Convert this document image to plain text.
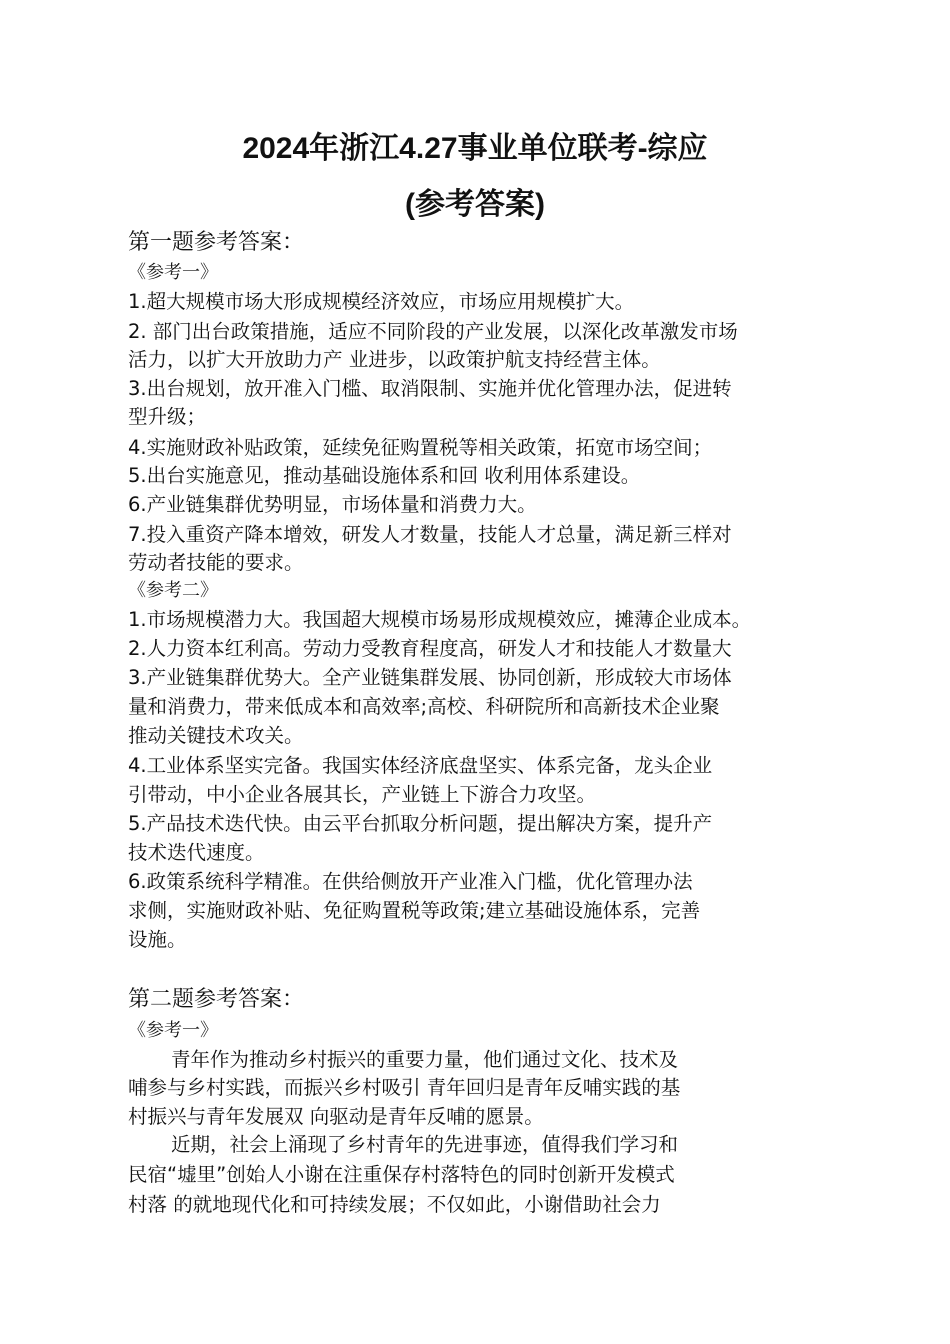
2024年浙江4.27事业单位联考-综应
(参考答案)

第一题参考答案：

《参考一》

1.超大规模市场大形成规模经济效应，市场应用规模扩大。

2. 部门出台政策措施，适应不同阶段的产业发展，以深化改革激发市场

活力，以扩大开放助力产 业进步，以政策护航支持经营主体。

3.出台规划，放开准入门槛、取消限制、实施并优化管理办法，促进转

型升级；

4.实施财政补贴政策，延续免征购置税等相关政策，拓宽市场空间；

5.出台实施意见，推动基础设施体系和回 收利用体系建设。

6.产业链集群优势明显，市场体量和消费力大。

7.投入重资产降本增效，研发人才数量，技能人才总量，满足新三样对

劳动者技能的要求。

《参考二》

1.市场规模潜力大。我国超大规模市场易形成规模效应，摊薄企业成本。

2.人力资本红利高。劳动力受教育程度高，研发人才和技能人才数量大

3.产业链集群优势大。全产业链集群发展、协同创新，形成较大市场体

量和消费力，带来低成本和高效率;高校、科研院所和高新技术企业聚

推动关键技术攻关。

4.工业体系坚实完备。我国实体经济底盘坚实、体系完备，龙头企业

引带动，中小企业各展其长，产业链上下游合力攻坚。

5.产品技术迭代快。由云平台抓取分析问题，提出解决方案，提升产

技术迭代速度。

6.政策系统科学精准。在供给侧放开产业准入门槛，优化管理办法

求侧，实施财政补贴、免征购置税等政策;建立基础设施体系，完善

设施。

第二题参考答案：

《参考一》

青年作为推动乡村振兴的重要力量，他们通过文化、技术及

哺参与乡村实践，而振兴乡村吸引 青年回归是青年反哺实践的基

村振兴与青年发展双 向驱动是青年反哺的愿景。

近期，社会上涌现了乡村青年的先进事迹，值得我们学习和

民宿“墟里”创始人小谢在注重保存村落特色的同时创新开发模式

村落 的就地现代化和可持续发展；不仅如此，小谢借助社会力
